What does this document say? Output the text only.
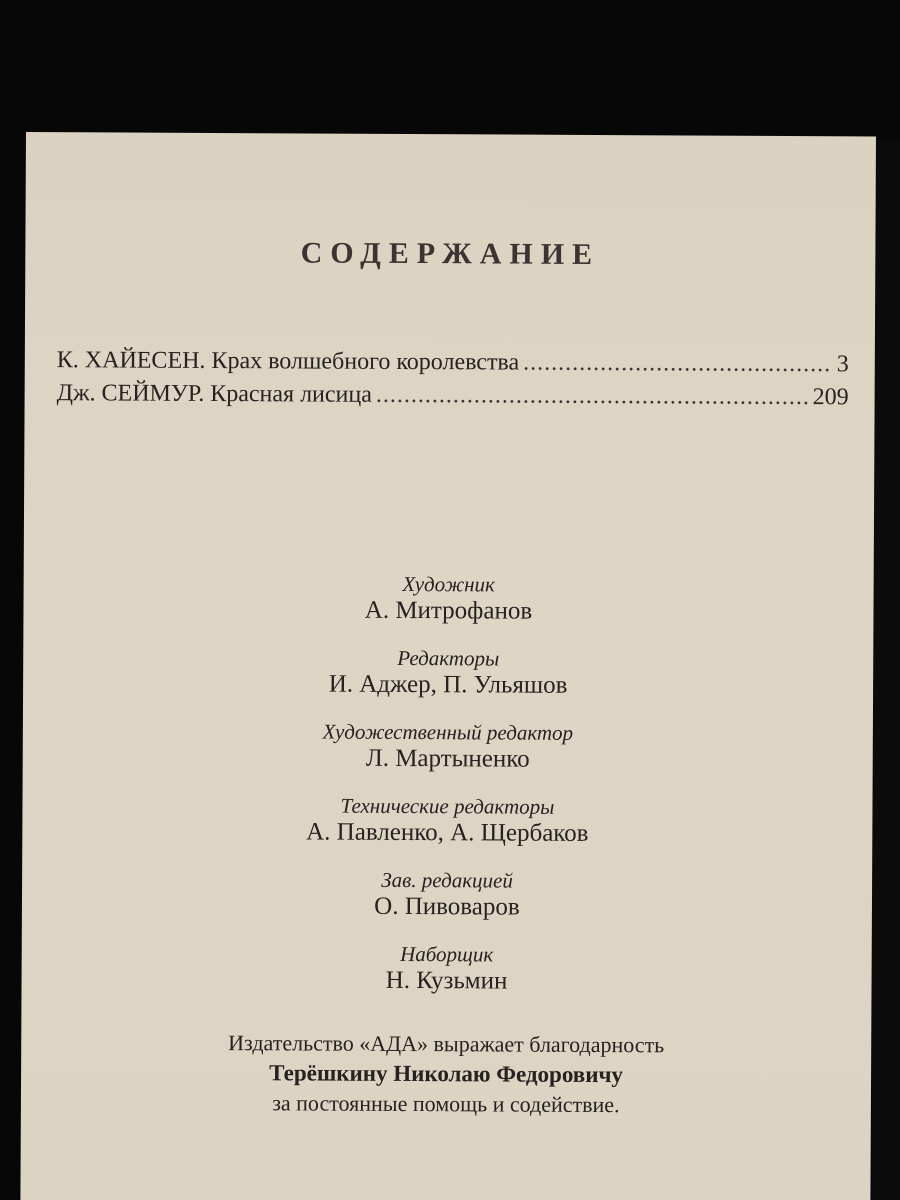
СОДЕРЖАНИЕ
К. ХАЙЕСЕН. Крах волшебного королевства .....	3
Дж. СЕЙМУР. Красная лисица .....	209
Художник
А. Митрофанов
Редакторы
И. Аджер, П. Ульяшов
Художественный редактор
Л. Мартыненко
Технические редакторы
А. Павленко, А. Щербаков
Зав. редакцией
О. Пивоваров
Наборщик
Н. Кузьмин
Издательство «АДА» выражает благодарность
Терёшкину Николаю Федоровичу
за постоянные помощь и содействие.
